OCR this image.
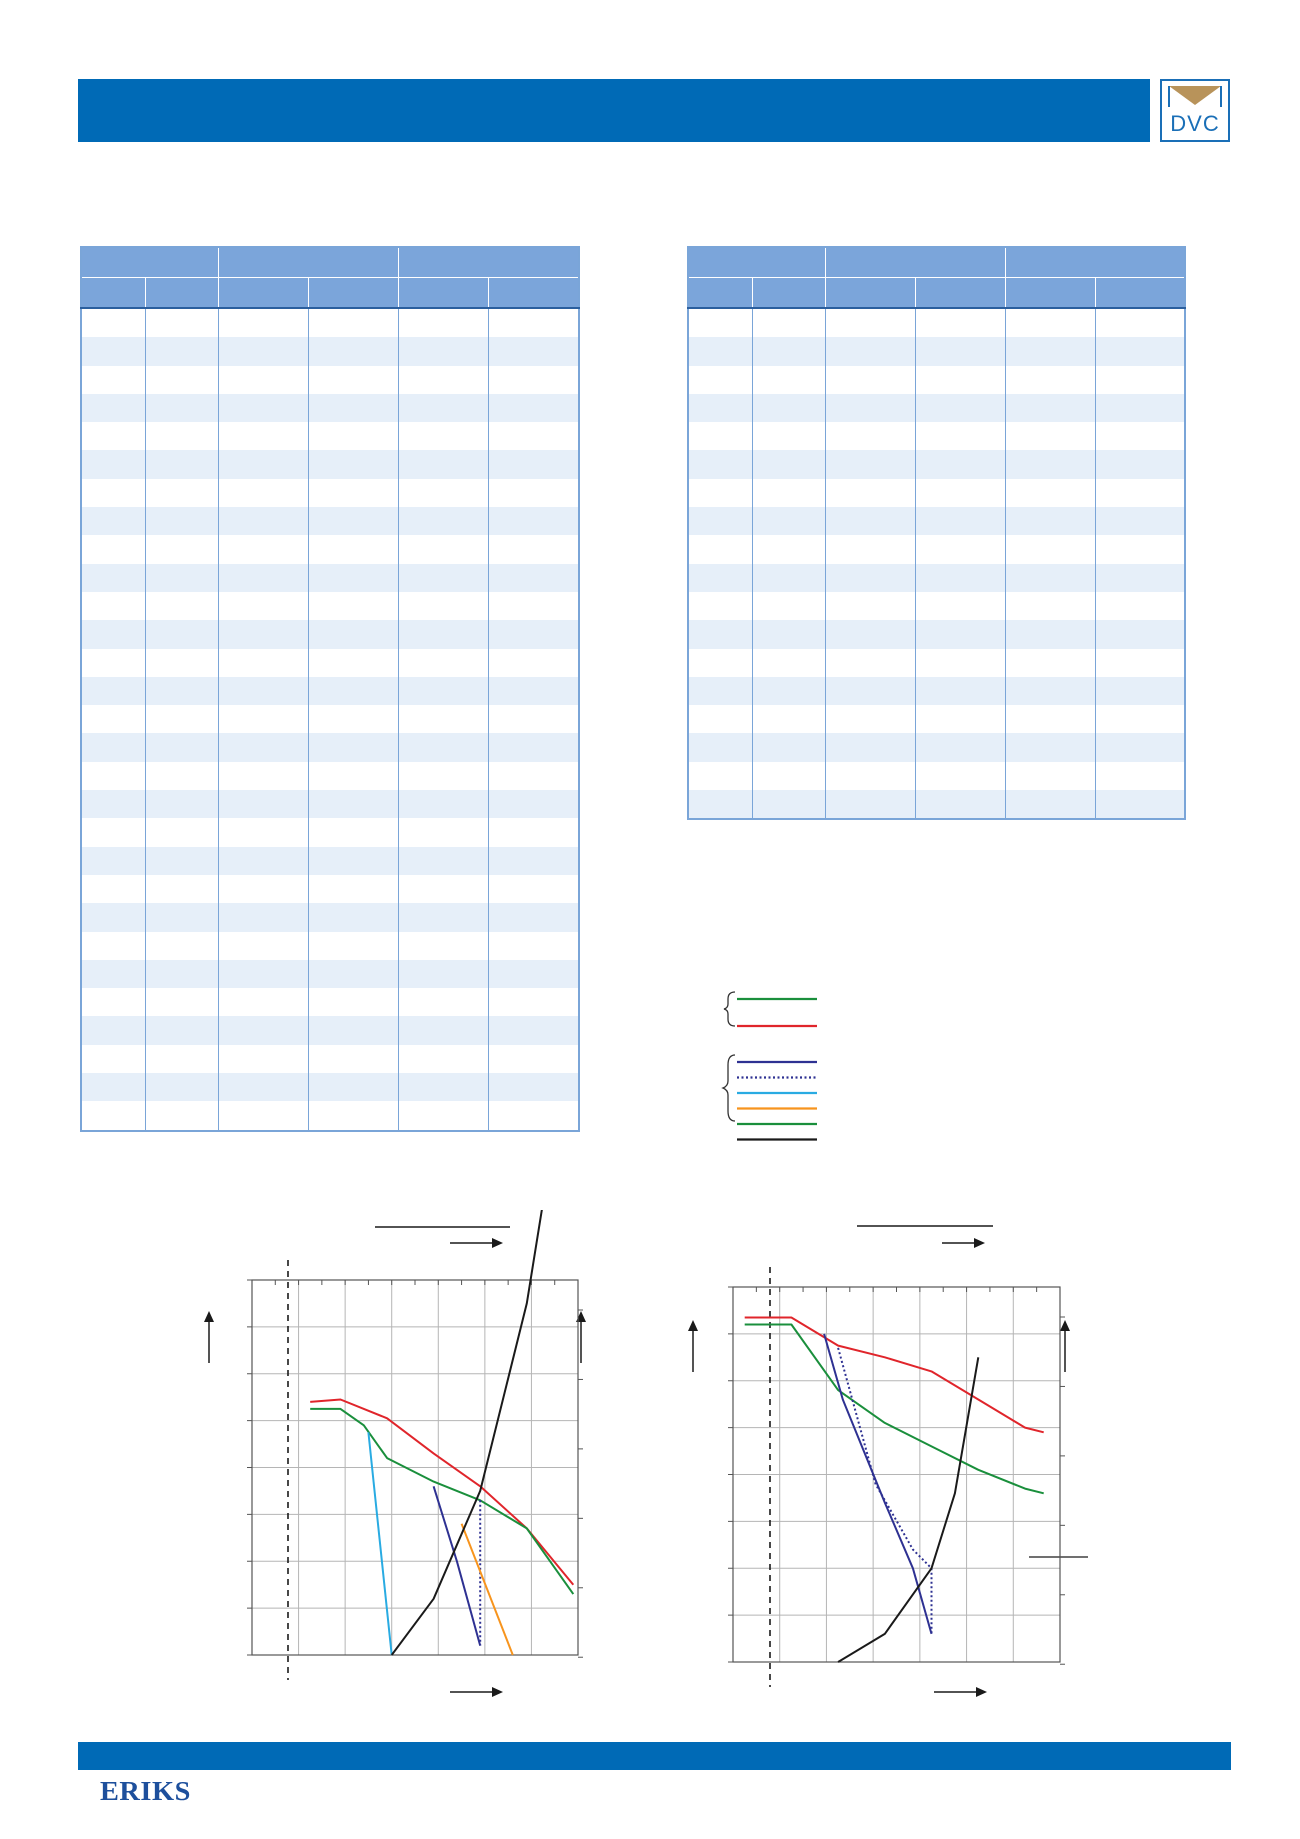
DVC

ERIKS
